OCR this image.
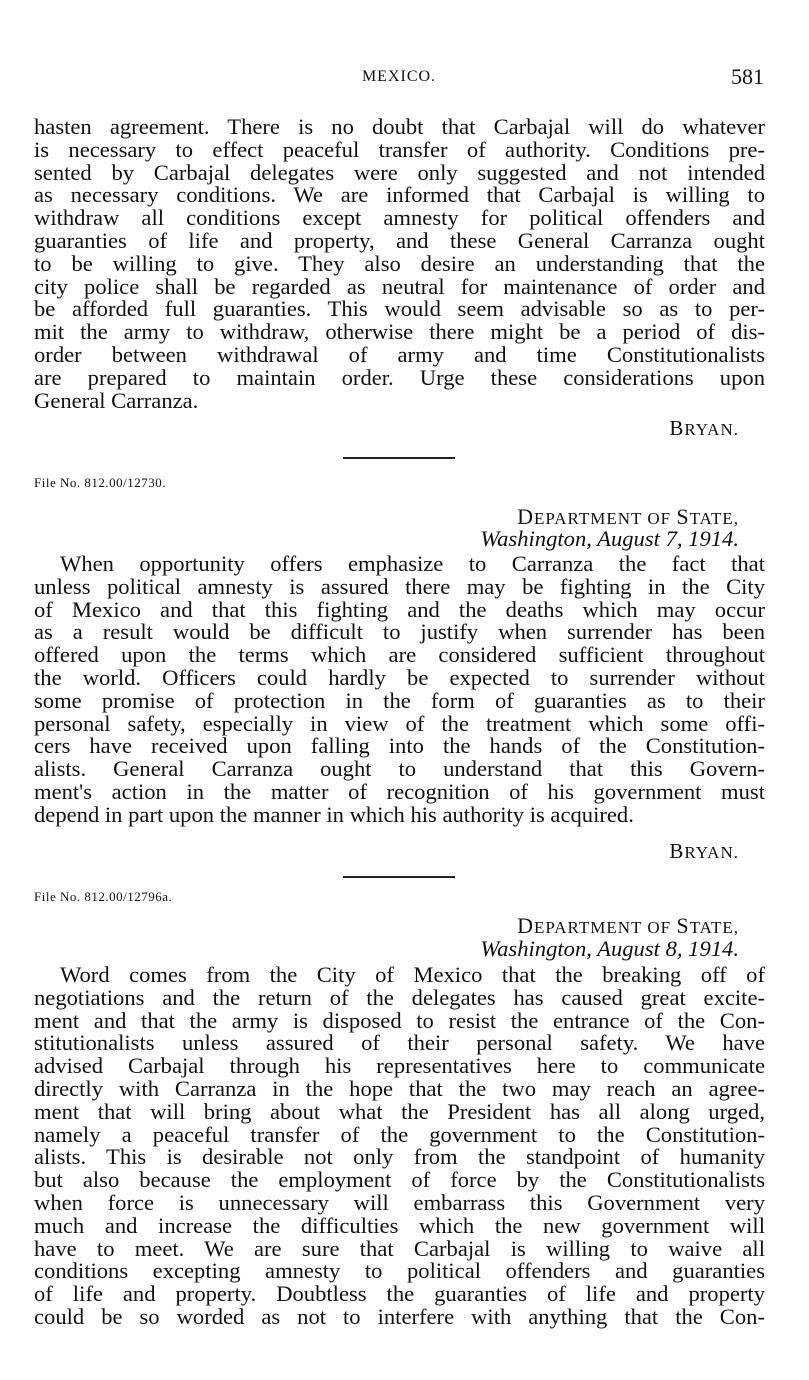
MEXICO.	581
hasten agreement. There is no doubt that Carbajal will do whatever
is necessary to effect peaceful transfer of authority. Conditions pre-
sented by Carbajal delegates were only suggested and not intended
as necessary conditions. We are informed that Carbajal is willing to
withdraw all conditions except amnesty for political offenders and
guaranties of life and property, and these General Carranza ought
to be willing to give. They also desire an understanding that the
city police shall be regarded as neutral for maintenance of order and
be afforded full guaranties. This would seem advisable so as to per-
mit the army to withdraw, otherwise there might be a period of dis-
order between withdrawal of army and time Constitutionalists
are prepared to maintain order. Urge these considerations upon
General Carranza.
BRYAN.
File No. 812.00/12730.
DEPARTMENT OF STATE,
Washington, August 7, 1914.
When opportunity offers emphasize to Carranza the fact that
unless political amnesty is assured there may be fighting in the City
of Mexico and that this fighting and the deaths which may occur
as a result would be difficult to justify when surrender has been
offered upon the terms which are considered sufficient throughout
the world. Officers could hardly be expected to surrender without
some promise of protection in the form of guaranties as to their
personal safety, especially in view of the treatment which some offi-
cers have received upon falling into the hands of the Constitution-
alists. General Carranza ought to understand that this Govern-
ment's action in the matter of recognition of his government must
depend in part upon the manner in which his authority is acquired.
BRYAN.
File No. 812.00/12796a.
DEPARTMENT OF STATE,
Washington, August 8, 1914.
Word comes from the City of Mexico that the breaking off of
negotiations and the return of the delegates has caused great excite-
ment and that the army is disposed to resist the entrance of the Con-
stitutionalists unless assured of their personal safety. We have
advised Carbajal through his representatives here to communicate
directly with Carranza in the hope that the two may reach an agree-
ment that will bring about what the President has all along urged,
namely a peaceful transfer of the government to the Constitution-
alists. This is desirable not only from the standpoint of humanity
but also because the employment of force by the Constitutionalists
when force is unnecessary will embarrass this Government very
much and increase the difficulties which the new government will
have to meet. We are sure that Carbajal is willing to waive all
conditions excepting amnesty to political offenders and guaranties
of life and property. Doubtless the guaranties of life and property
could be so worded as not to interfere with anything that the Con-
